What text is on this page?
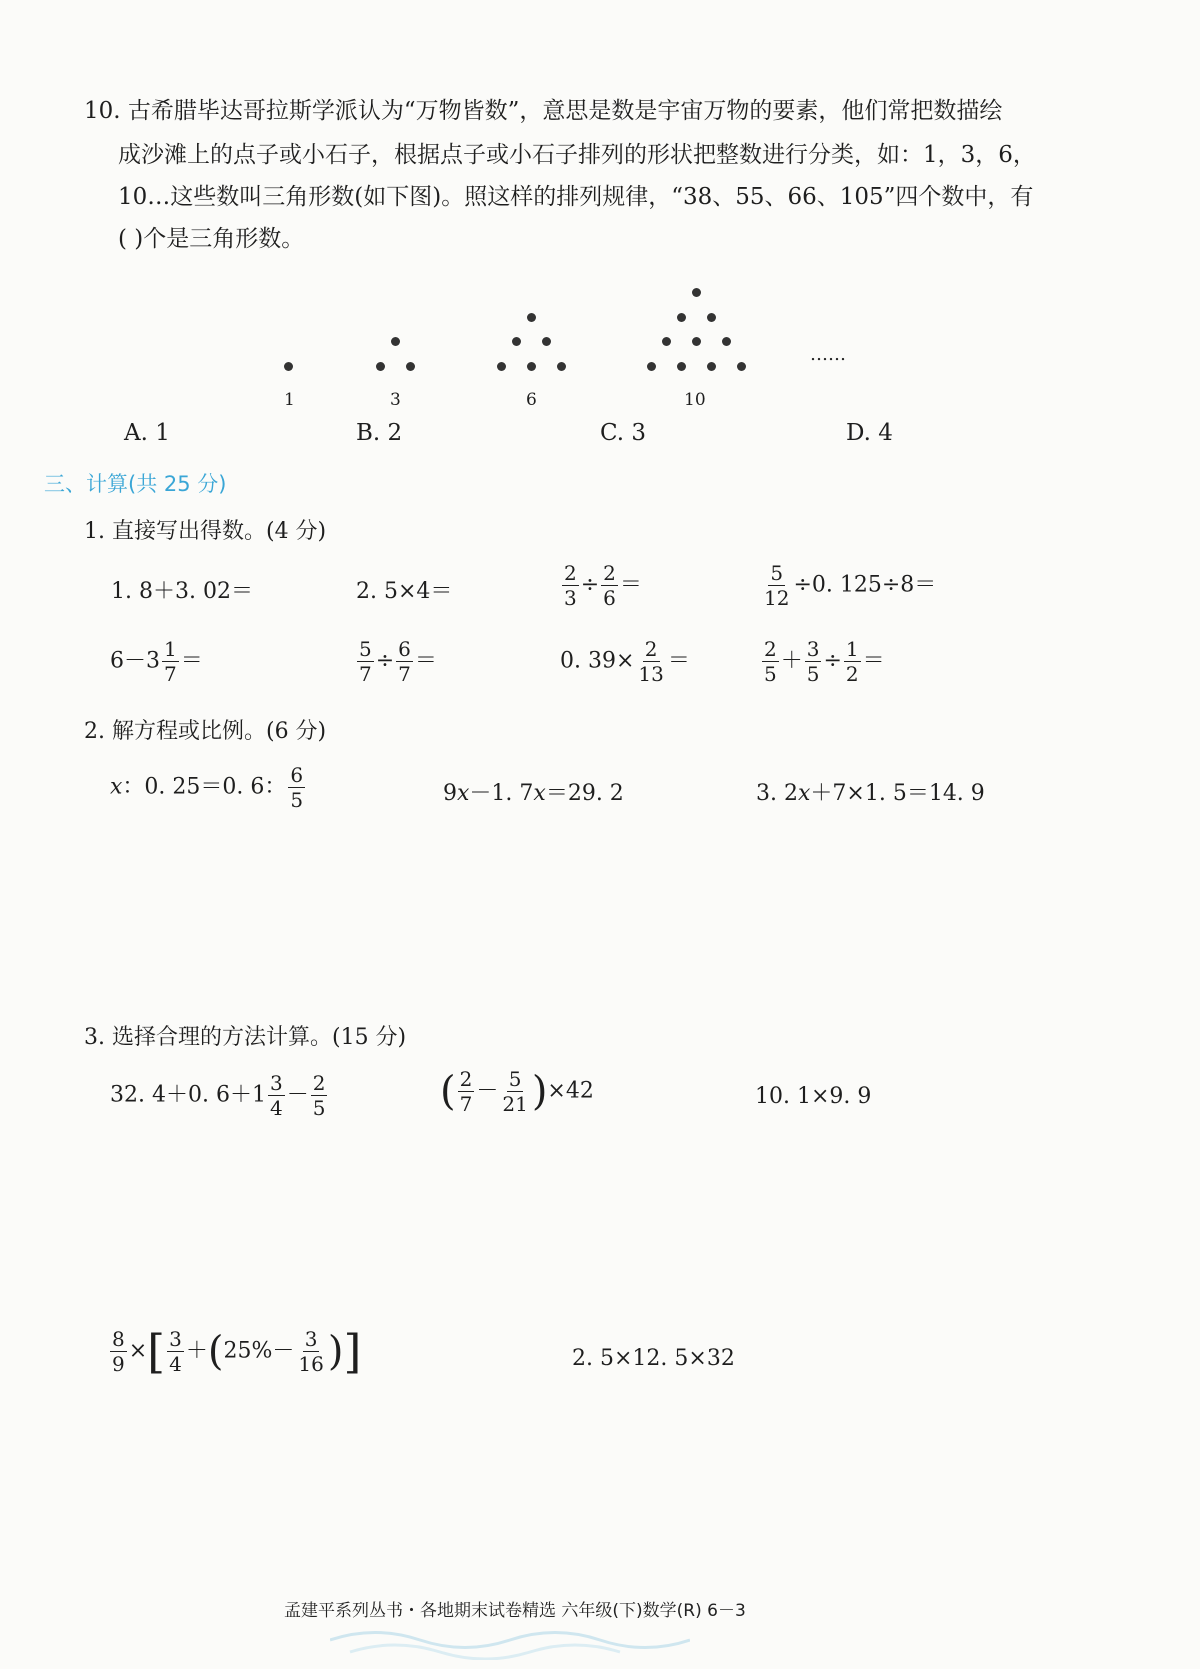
10. 古希腊毕达哥拉斯学派认为“万物皆数”，意思是数是宇宙万物的要素，他们常把数描绘
成沙滩上的点子或小石子，根据点子或小石子排列的形状把整数进行分类，如：1，3，6，
10…这些数叫三角形数(如下图)。照这样的排列规律，“38、55、66、105”四个数中，有
( )个是三角形数。
……
1	3	6	10
A. 1	B. 2	C. 3	D. 4
三、计算(共 25 分)
1. 直接写出得数。(4 分)
1. 8＋3. 02＝	2. 5×4＝	$\frac{2}{3} \div \frac{2}{6}$ ＝	$\frac{5}{12} \div 0$. 125÷8＝
$6-3 \frac{1}{7}$ ＝	$\frac{5}{7} \div \frac{6}{7}$ ＝	0. $39\times \frac{2}{13}$ ＝	$\frac{2}{5} + \frac{3}{5} \div \frac{1}{2}$ ＝
2. 解方程或比例。(6 分)
x：0. 25＝0. 6： $\frac{6}{5}$	9x－1. 7x＝29. 2	3. 2x＋7×1. 5＝14. 9
3. 选择合理的方法计算。(15 分)
32. 4＋0. $6+1 \frac{3}{4} - \frac{2}{5}$	( $\frac{2}{7} - \frac{5}{21} )\times 42$	10. 1×9. 9
$\frac{8}{9}$ ×[ $\frac{3}{4} +(25\%- \frac{3}{16}$ )]	2. 5×12. 5×32
孟建平系列丛书・各地期末试卷精选 六年级(下)数学(R) 6－3
